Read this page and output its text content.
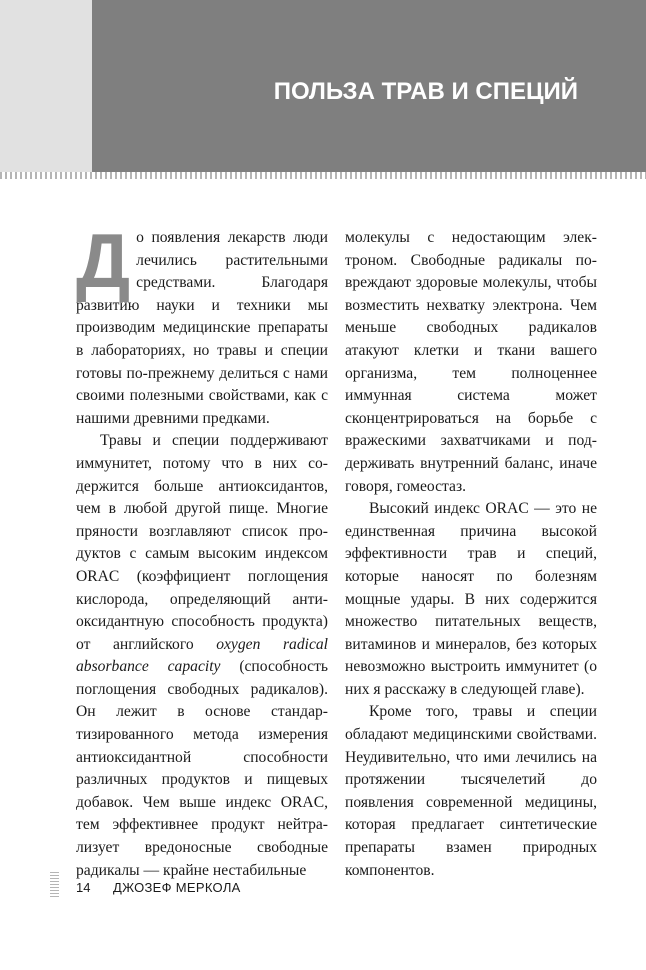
ПОЛЬЗА ТРАВ И СПЕЦИЙ

До появления лекарств люди лечились растительными средствами. Благодаря развитию науки и техники мы производим медицинские препараты в лабораториях, но травы и специи готовы по-прежнему делиться с нами своими полезными свойствами, как с нашими древними предками.

Травы и специи поддерживают иммунитет, потому что в них содержится больше антиоксидантов, чем в любой другой пище. Многие пряности возглавляют список продуктов с самым высоким индексом ORAC (коэффициент поглощения кислорода, определяющий антиоксидантную способность продукта) от английского oxygen radical absorbance capacity (способность поглощения свободных радикалов). Он лежит в основе стандартизированного метода измерения антиоксидантной способности различных продуктов и пищевых добавок. Чем выше индекс ORAC, тем эффективнее продукт нейтрализует вредоносные свободные радикалы — крайне нестабильные

молекулы с недостающим электроном. Свободные радикалы повреждают здоровые молекулы, чтобы возместить нехватку электрона. Чем меньше свободных радикалов атакуют клетки и ткани вашего организма, тем полноценнее иммунная система может сконцентрироваться на борьбе с вражескими захватчиками и поддерживать внутренний баланс, иначе говоря, гомеостаз.

Высокий индекс ORAC — это не единственная причина высокой эффективности трав и специй, которые наносят по болезням мощные удары. В них содержится множество питательных веществ, витаминов и минералов, без которых невозможно выстроить иммунитет (о них я расскажу в следующей главе).

Кроме того, травы и специи обладают медицинскими свойствами. Неудивительно, что ими лечились на протяжении тысячелетий до появления современной медицины, которая предлагает синтетические препараты взамен природных компонентов.

14 ДЖОЗЕФ МЕРКОЛА
